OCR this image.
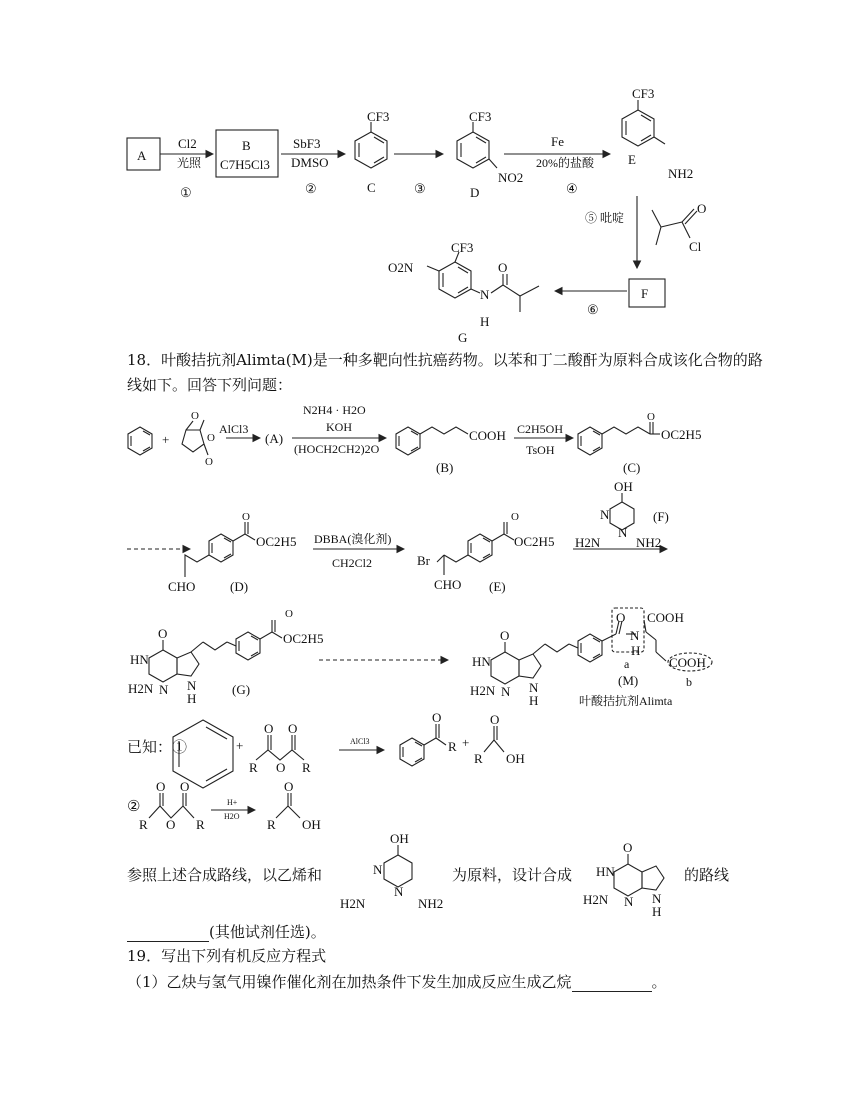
A
Cl2
光照
①
B
C7H5Cl3
SbF3
DMSO
②
CF3
C	③
CF3
NO2
D
Fe
20%的盐酸
④
CF3
NH2
E
⑤ 吡啶
O
Cl
F
⑥
O2N
CF3
N
H
O
G
+
O
O
O
AlCl3
(A)
N2H4 · H2O
KOH
(HOCH2CH2)2O
COOH
(B)
C2H5OH
TsOH
O
OC2H5
(C)
O
OC2H5
CHO	(D)
DBBA(溴化剂)
CH2Cl2	Br
O
OC2H5
CHO (E)
OH
N
N
H2N	NH2
(F)
O
O
OC2H5
HN
H2N N N
H
(G)
O
HN
H2N N N
H
O
N
H
COOH
COOH
a
b
(M)
叶酸拮抗剂Alimta
+
R
O
O
O
R
AlCl3
O
R +
R
O
OH
R
O
O
O
R
H+
H2O
O
R OH
OH
N
N
H2N	NH2
O
HN
H2N N N
H
18．叶酸拮抗剂Alimta(M)是一种多靶向性抗癌药物。以苯和丁二酸酐为原料合成该化合物的路
线如下。回答下列问题：
已知：①
②
参照上述合成路线，以乙烯和	为原料，设计合成	的路线
(其他试剂任选)。
19．写出下列有机反应方程式
（1）乙炔与氢气用镍作催化剂在加热条件下发生加成反应生成乙烷	。
